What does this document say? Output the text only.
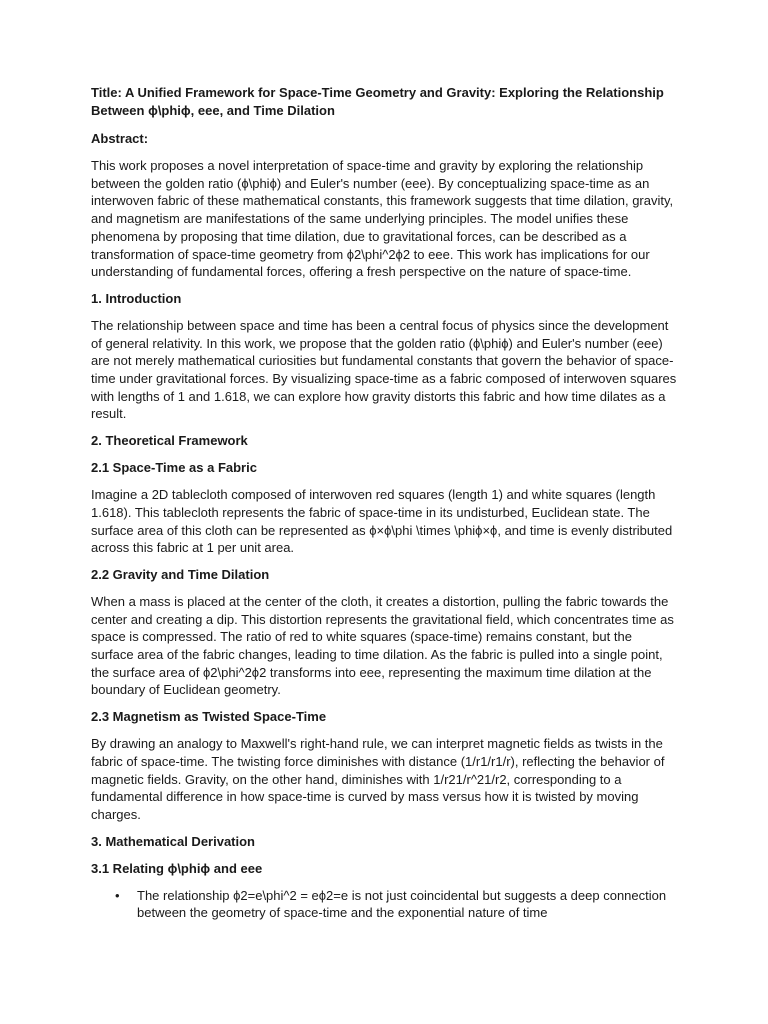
Title: A Unified Framework for Space-Time Geometry and Gravity: Exploring the Relationship Between ϕ\phiϕ, eee, and Time Dilation
Abstract:
This work proposes a novel interpretation of space-time and gravity by exploring the relationship between the golden ratio (ϕ\phiϕ) and Euler's number (eee). By conceptualizing space-time as an interwoven fabric of these mathematical constants, this framework suggests that time dilation, gravity, and magnetism are manifestations of the same underlying principles. The model unifies these phenomena by proposing that time dilation, due to gravitational forces, can be described as a transformation of space-time geometry from ϕ2\phi^2ϕ2 to eee. This work has implications for our understanding of fundamental forces, offering a fresh perspective on the nature of space-time.
1. Introduction
The relationship between space and time has been a central focus of physics since the development of general relativity. In this work, we propose that the golden ratio (ϕ\phiϕ) and Euler's number (eee) are not merely mathematical curiosities but fundamental constants that govern the behavior of space-time under gravitational forces. By visualizing space-time as a fabric composed of interwoven squares with lengths of 1 and 1.618, we can explore how gravity distorts this fabric and how time dilates as a result.
2. Theoretical Framework
2.1 Space-Time as a Fabric
Imagine a 2D tablecloth composed of interwoven red squares (length 1) and white squares (length 1.618). This tablecloth represents the fabric of space-time in its undisturbed, Euclidean state. The surface area of this cloth can be represented as ϕ×ϕ\phi \times \phiϕ×ϕ, and time is evenly distributed across this fabric at 1 per unit area.
2.2 Gravity and Time Dilation
When a mass is placed at the center of the cloth, it creates a distortion, pulling the fabric towards the center and creating a dip. This distortion represents the gravitational field, which concentrates time as space is compressed. The ratio of red to white squares (space-time) remains constant, but the surface area of the fabric changes, leading to time dilation. As the fabric is pulled into a single point, the surface area of ϕ2\phi^2ϕ2 transforms into eee, representing the maximum time dilation at the boundary of Euclidean geometry.
2.3 Magnetism as Twisted Space-Time
By drawing an analogy to Maxwell's right-hand rule, we can interpret magnetic fields as twists in the fabric of space-time. The twisting force diminishes with distance (1/r1/r1/r), reflecting the behavior of magnetic fields. Gravity, on the other hand, diminishes with 1/r21/r^21/r2, corresponding to a fundamental difference in how space-time is curved by mass versus how it is twisted by moving charges.
3. Mathematical Derivation
3.1 Relating ϕ\phiϕ and eee
• The relationship ϕ2=e\phi^2 = eϕ2=e is not just coincidental but suggests a deep connection between the geometry of space-time and the exponential nature of time
